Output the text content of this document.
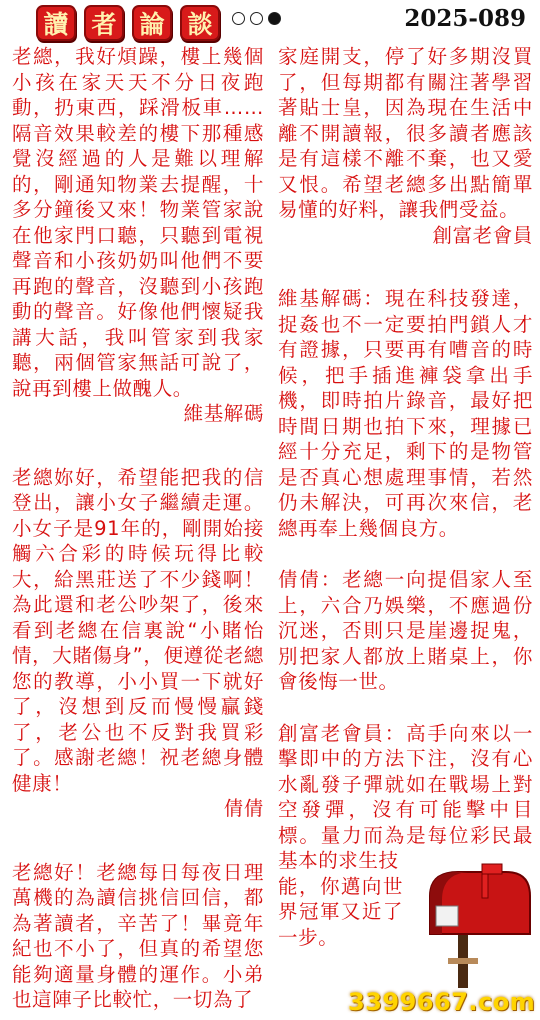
讀 者 論 談	2025-089

老總，我好煩躁，樓上幾個小孩在家天天不分日夜跑動，扔東西，踩滑板車……隔音效果較差的樓下那種感覺沒經過的人是難以理解的，剛通知物業去提醒，十多分鐘後又來！物業管家說在他家門口聽，只聽到電視聲音和小孩奶奶叫他們不要再跑的聲音，沒聽到小孩跑動的聲音。好像他們懷疑我講大話，我叫管家到我家聽，兩個管家無話可說了，說再到樓上做醜人。

維基解碼

老總妳好，希望能把我的信登出，讓小女子繼續走運。小女子是91年的，剛開始接觸六合彩的時候玩得比較大，給黑莊送了不少錢啊！為此還和老公吵架了，後來看到老總在信裏說“小賭怡情，大賭傷身”，便遵從老總您的教導，小小買一下就好了，沒想到反而慢慢贏錢了，老公也不反對我買彩了。感謝老總！祝老總身體健康！

倩倩

老總好！老總每日每夜日理萬機的為讀信挑信回信，都為著讀者，辛苦了！畢竟年紀也不小了，但真的希望您能夠適量身體的運作。小弟也這陣子比較忙，一切為了

家庭開支，停了好多期沒買了，但每期都有關注著學習著貼士皇，因為現在生活中離不開讀報，很多讀者應該是有這樣不離不棄，也又愛又恨。希望老總多出點簡單易懂的好料，讓我們受益。

創富老會員

維基解碼：現在科技發達，捉姦也不一定要拍門鎖人才有證據，只要再有嘈音的時候，把手插進褲袋拿出手機，即時拍片錄音，最好把時間日期也拍下來，理據已經十分充足，剩下的是物管是否真心想處理事情，若然仍未解決，可再次來信，老總再奉上幾個良方。

倩倩：老總一向提倡家人至上，六合乃娛樂，不應過份沉迷，否則只是崖邊捉鬼，別把家人都放上賭桌上，你會後悔一世。

創富老會員：高手向來以一擊即中的方法下注，沒有心水亂發子彈就如在戰場上對空發彈，沒有可能擊中目標。量力而為是每位彩民最基本的求生技

能，你邁向世界冠軍又近了一步。

3399667.com
